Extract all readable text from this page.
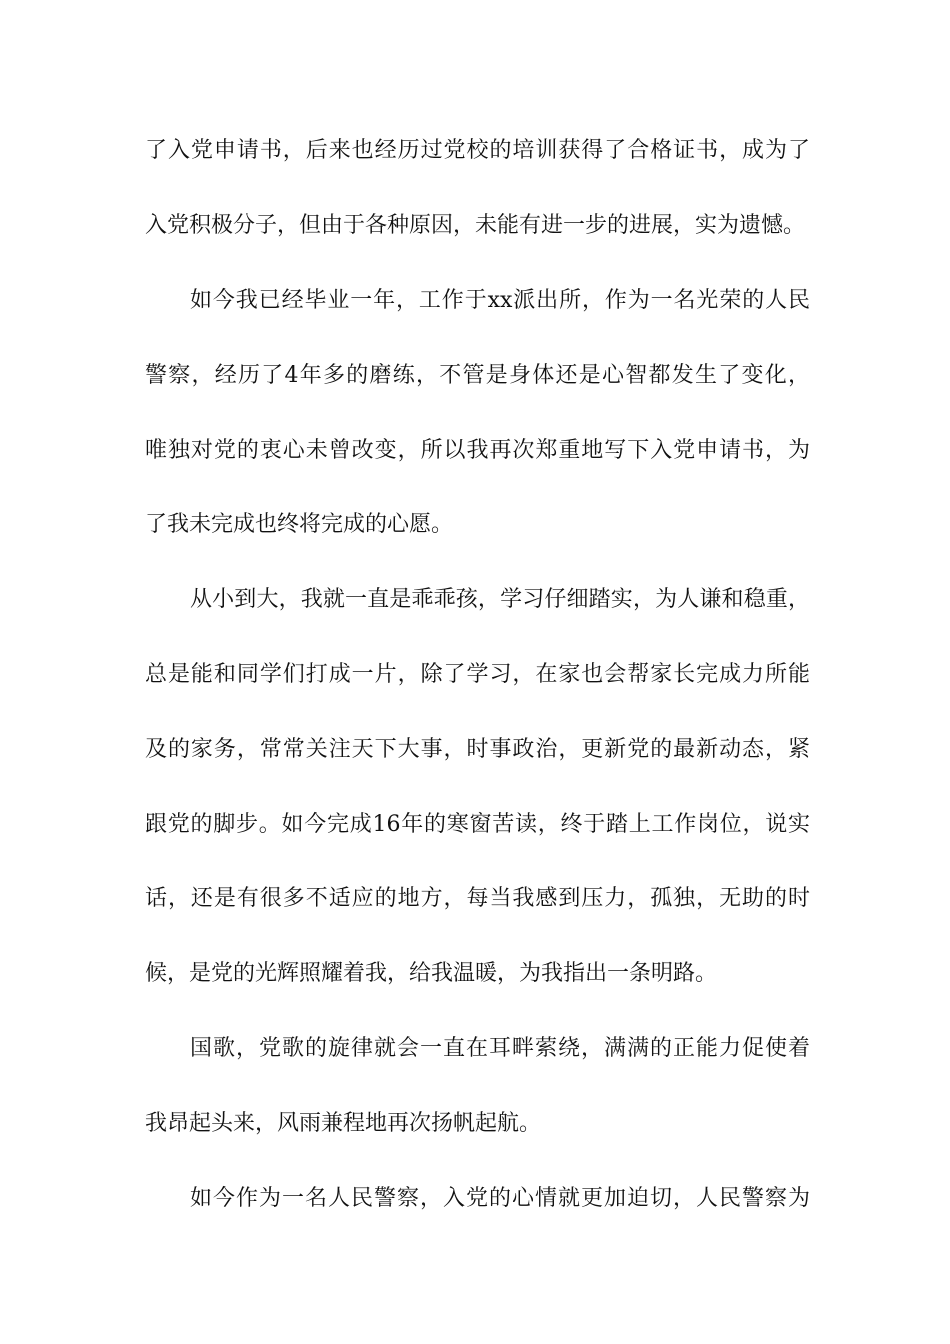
了入党申请书，后来也经历过党校的培训获得了合格证书，成为了
入党积极分子，但由于各种原因，未能有进一步的进展，实为遗憾。
如今我已经毕业一年，工作于xx派出所，作为一名光荣的人民
警察，经历了4年多的磨练，不管是身体还是心智都发生了变化，
唯独对党的衷心未曾改变，所以我再次郑重地写下入党申请书，为
了我未完成也终将完成的心愿。
从小到大，我就一直是乖乖孩，学习仔细踏实，为人谦和稳重，
总是能和同学们打成一片，除了学习，在家也会帮家长完成力所能
及的家务，常常关注天下大事，时事政治，更新党的最新动态，紧
跟党的脚步。如今完成16年的寒窗苦读，终于踏上工作岗位，说实
话，还是有很多不适应的地方，每当我感到压力，孤独，无助的时
候，是党的光辉照耀着我，给我温暖，为我指出一条明路。
国歌，党歌的旋律就会一直在耳畔萦绕，满满的正能力促使着
我昂起头来，风雨兼程地再次扬帆起航。
如今作为一名人民警察，入党的心情就更加迫切，人民警察为
